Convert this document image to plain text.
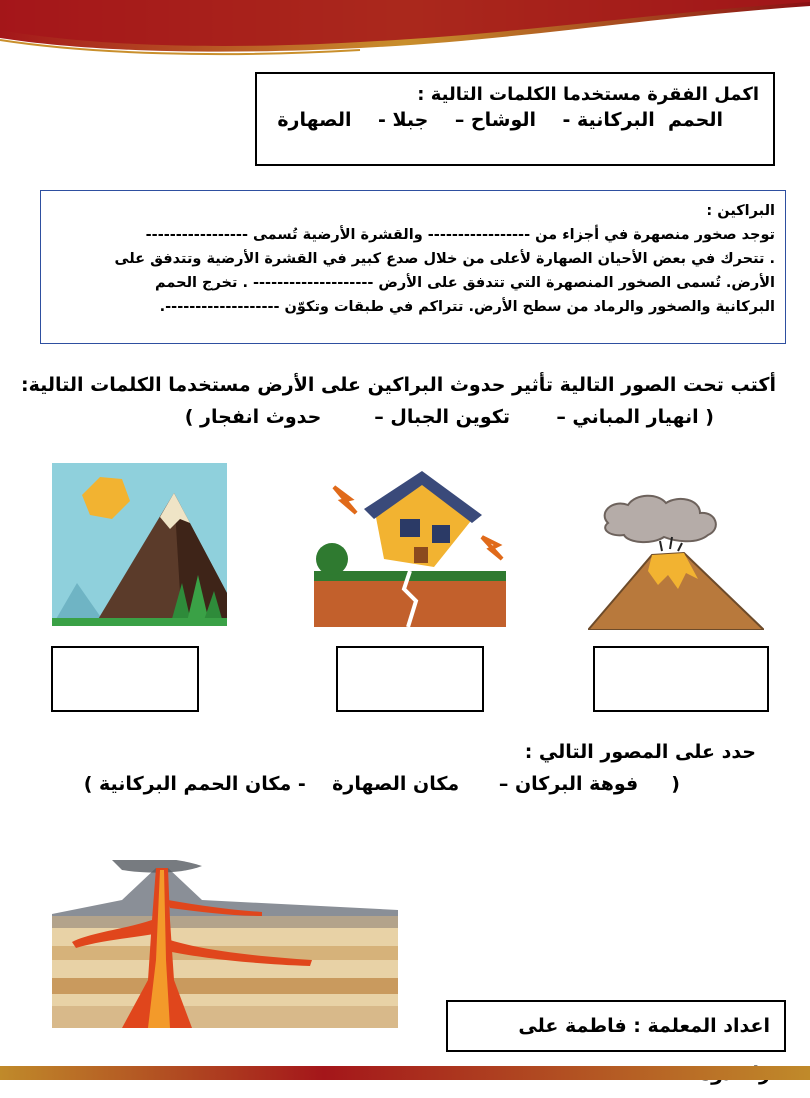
اكمل الفقرة مستخدما الكلمات التالية :
الحمم  البركانية -    الوشاح –    جبلا -    الصهارة

البراكين :

توجد صخور منصهرة في أجزاء من ----------------- والقشرة الأرضية تُسمى -----------------

. تتحرك في بعض الأحيان الصهارة لأعلى من خلال صدع كبير في القشرة الأرضية وتتدفق على

الأرض. تُسمى الصخور المنصهرة التي تتدفق على الأرض -------------------- . تخرج الحمم

البركانية والصخور والرماد من سطح الأرض. تتراكم في طبقات وتكوّن -------------------.

أكتب تحت الصور التالية تأثير حدوث البراكين على الأرض مستخدما الكلمات التالية:
( انهيار المباني –       تكوين الجبال –        حدوث انفجار )
حدد على المصور التالي :
(     فوهة البركان –      مكان الصهارة    - مكان الحمم البركانية )
اعداد المعلمة : فاطمة على
